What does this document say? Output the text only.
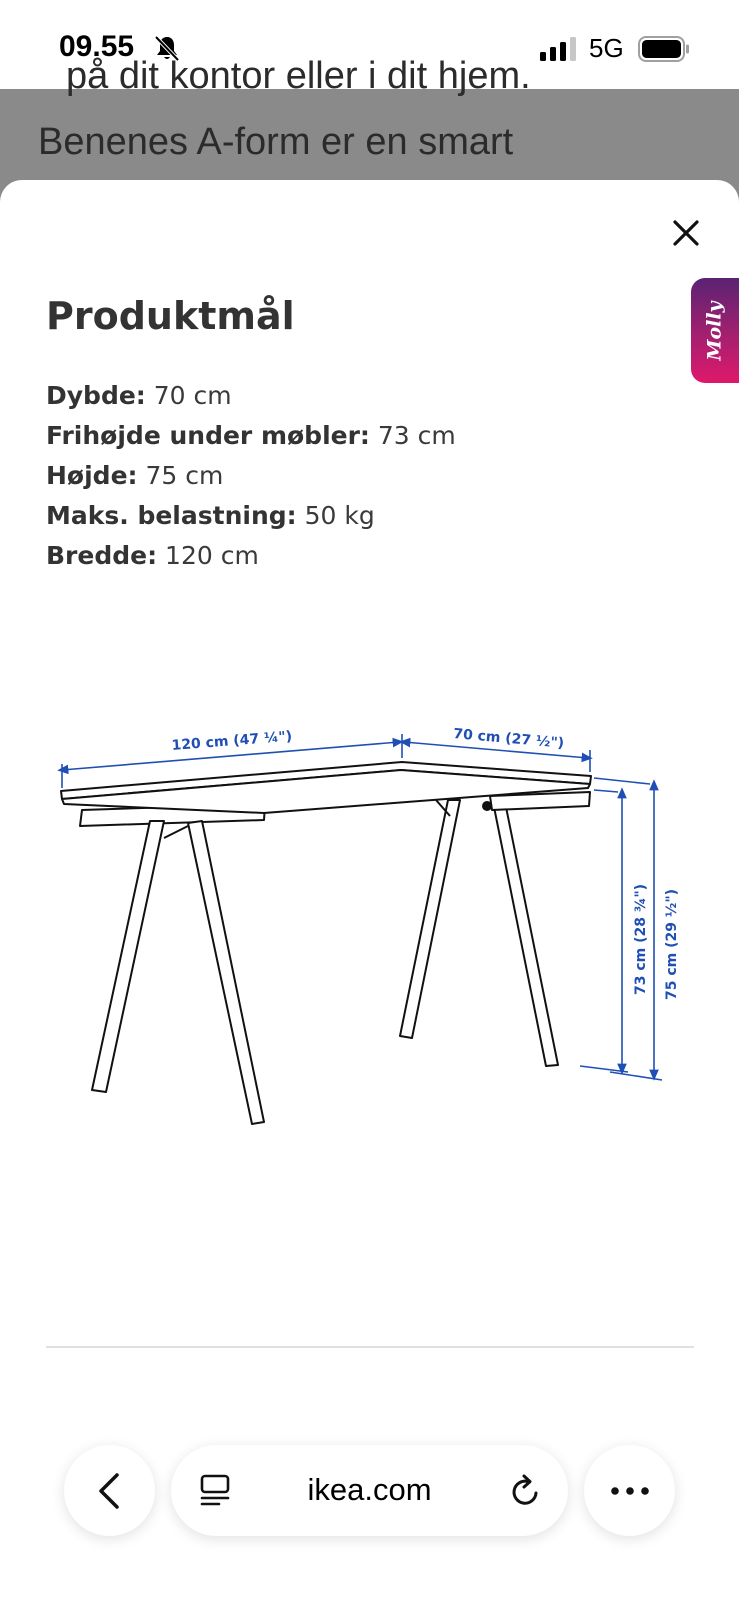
09.55	5G
på dit kontor eller i dit hjem.
Benenes A-form er en smart
Molly
Produktmål
Dybde: 70 cm
Frihøjde under møbler: 73 cm
Højde: 75 cm
Maks. belastning: 50 kg
Bredde: 120 cm
120 cm (47 ¼")	70 cm (27 ½")
73 cm (28 ¾") 75 cm (29 ½")
ikea.com
